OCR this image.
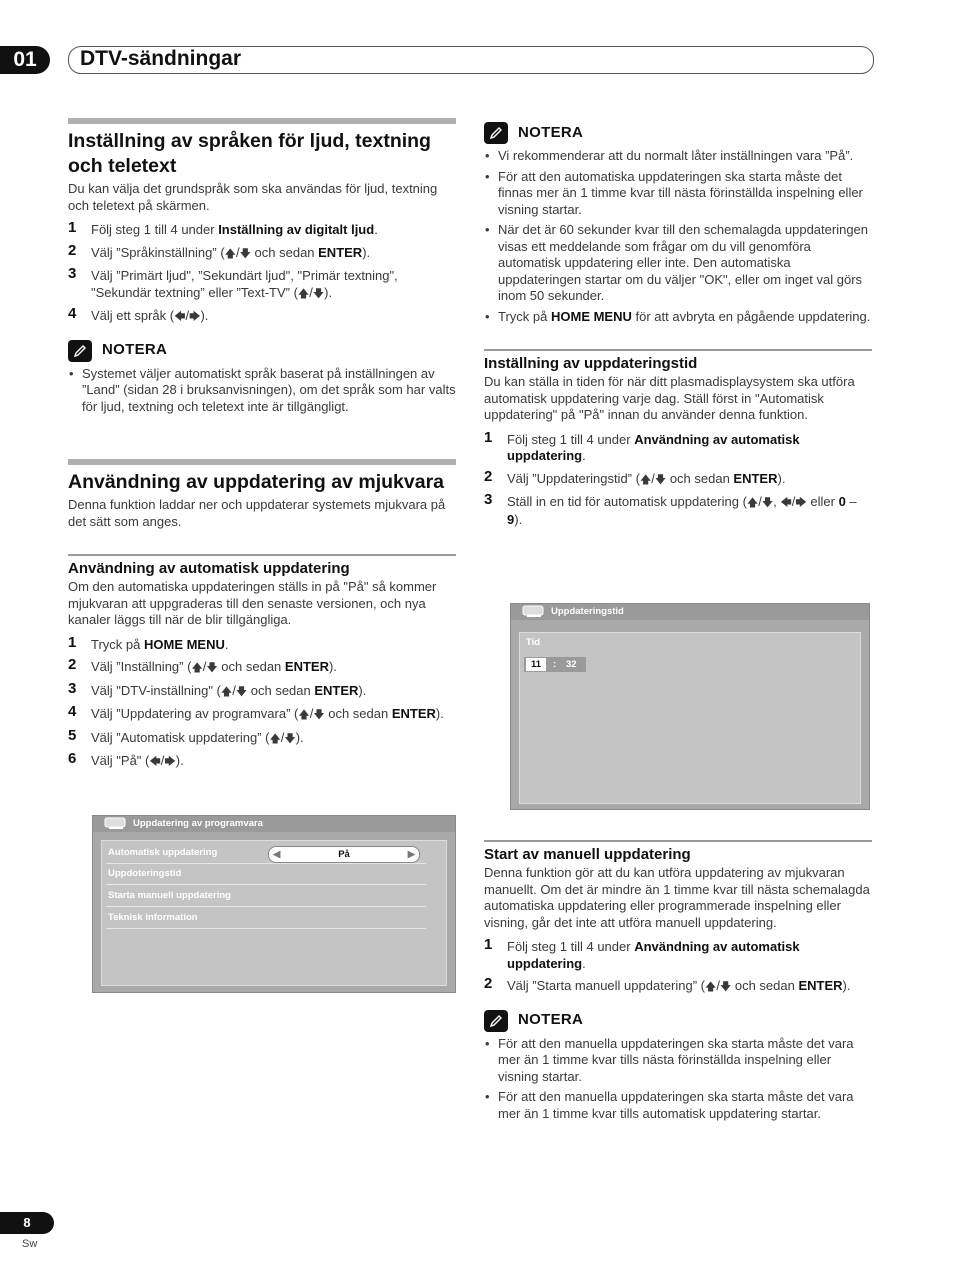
01	DTV-sändningar
Inställning av språken för ljud, textning och teletext

Du kan välja det grundspråk som ska användas för ljud, textning och teletext på skärmen.

1 Följ steg 1 till 4 under Inställning av digitalt ljud.
2 Välj ”Språkinställning” (🡅/🡇 och sedan ENTER).
3 Välj ”Primärt ljud", ”Sekundärt ljud", "Primär textning", "Sekundär textning” eller ”Text-TV” (🡅/🡇).
4 Välj ett språk (🡄/🡆).
NOTERA
• Systemet väljer automatiskt språk baserat på inställningen av ”Land” (sidan 28 i bruksanvisningen), om det språk som har valts för ljud, textning och teletext inte är tillgängligt.
Användning av uppdatering av mjukvara

Denna funktion laddar ner och uppdaterar systemets mjukvara på det sätt som anges.

Användning av automatisk uppdatering

Om den automatiska uppdateringen ställs in på "På" så kommer mjukvaran att uppgraderas till den senaste versionen, och nya kanaler läggs till när de blir tillgängliga.

1 Tryck på HOME MENU.
2 Välj ”Inställning” (🡅/🡇 och sedan ENTER).
3 Välj "DTV-inställning" (🡅/🡇 och sedan ENTER).
4 Välj ”Uppdatering av programvara” (🡅/🡇 och sedan ENTER).
5 Välj ”Automatisk uppdatering” (🡅/🡇).
6 Välj "På" (🡄/🡆).
Uppdatering av programvara
Automatisk uppdatering
Uppdoteringstid
Starta manuell uppdatering
Teknisk information
◀	På	▶
NOTERA
• Vi rekommenderar att du normalt låter inställningen vara ”På”.
• För att den automatiska uppdateringen ska starta måste det finnas mer än 1 timme kvar till nästa förinställda inspelning eller visning startar.
• När det är 60 sekunder kvar till den schemalagda uppdateringen visas ett meddelande som frågar om du vill genomföra automatisk uppdatering eller inte. Den automatiska uppdateringen startar om du väljer "OK", eller om inget val görs inom 50 sekunder.
• Tryck på HOME MENU för att avbryta en pågående uppdatering.
Inställning av uppdateringstid

Du kan ställa in tiden för när ditt plasmadisplaysystem ska utföra automatisk uppdatering varje dag. Ställ först in "Automatisk uppdatering" på "På" innan du använder denna funktion.

1 Följ steg 1 till 4 under Användning av automatisk uppdatering.
2 Välj ”Uppdateringstid” (🡅/🡇 och sedan ENTER).
3 Ställ in en tid för automatisk uppdatering (🡅/🡇, 🡄/🡆 eller 0 – 9).
Uppdateringstid
Tid
11	: 32
Start av manuell uppdatering

Denna funktion gör att du kan utföra uppdatering av mjukvaran manuellt. Om det är mindre än 1 timme kvar till nästa schemalagda automatiska uppdatering eller programmerade inspelning eller visning, går det inte att utföra manuell uppdatering.

1 Följ steg 1 till 4 under Användning av automatisk uppdatering.
2 Välj ”Starta manuell uppdatering” (🡅/🡇 och sedan ENTER).
NOTERA
• För att den manuella uppdateringen ska starta måste det vara mer än 1 timme kvar tills nästa förinställda inspelning eller visning startar.
• För att den manuella uppdateringen ska starta måste det vara mer än 1 timme kvar tills automatisk uppdatering startar.
8
Sw
